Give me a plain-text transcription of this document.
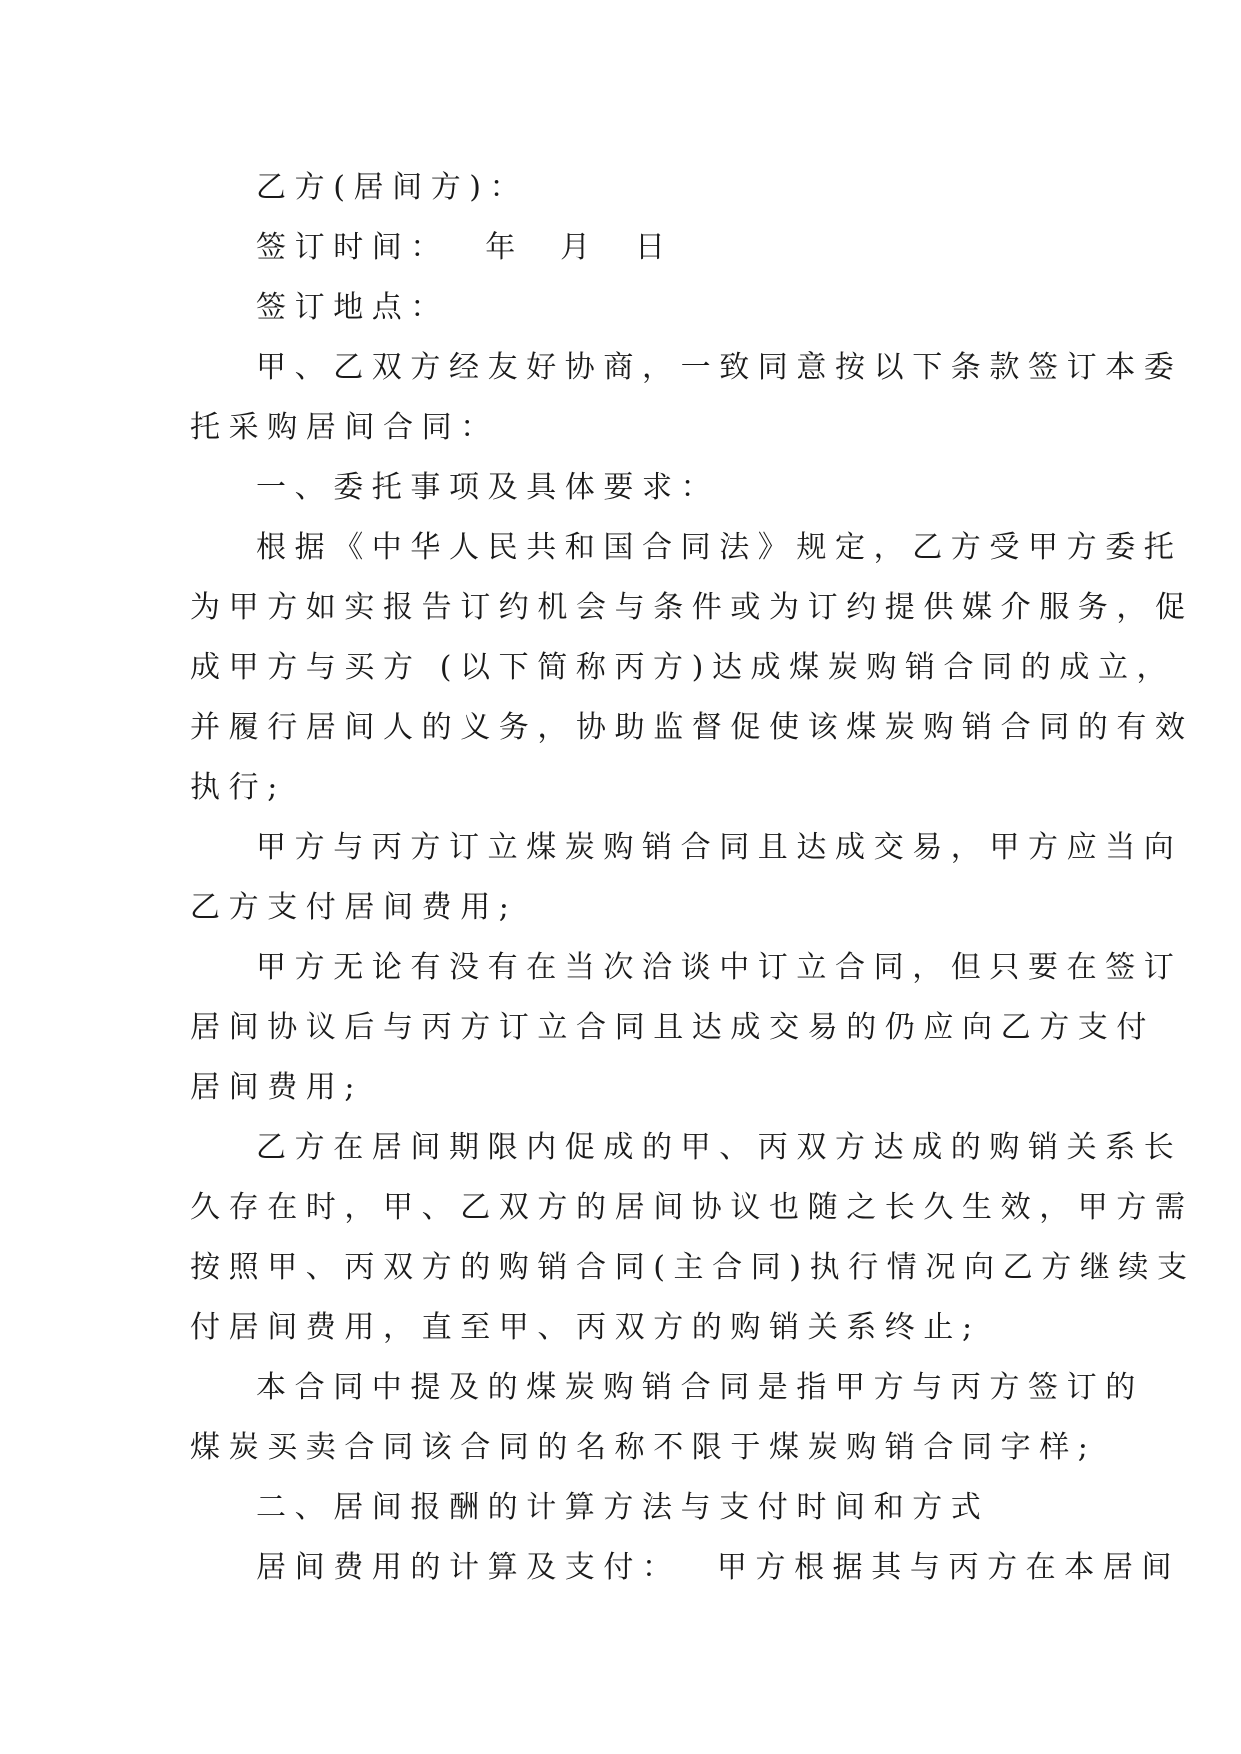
乙方(居间方)：
签订时间：  年  月  日
签订地点：
甲、乙双方经友好协商，一致同意按以下条款签订本委
托采购居间合同：
一、委托事项及具体要求：
根据《中华人民共和国合同法》规定，乙方受甲方委托
为甲方如实报告订约机会与条件或为订约提供媒介服务，促
成甲方与买方 (以下简称丙方)达成煤炭购销合同的成立，
并履行居间人的义务，协助监督促使该煤炭购销合同的有效
执行;
甲方与丙方订立煤炭购销合同且达成交易，甲方应当向
乙方支付居间费用;
甲方无论有没有在当次洽谈中订立合同，但只要在签订
居间协议后与丙方订立合同且达成交易的仍应向乙方支付
居间费用;
乙方在居间期限内促成的甲、丙双方达成的购销关系长
久存在时，甲、乙双方的居间协议也随之长久生效，甲方需
按照甲、丙双方的购销合同(主合同)执行情况向乙方继续支
付居间费用，直至甲、丙双方的购销关系终止;
本合同中提及的煤炭购销合同是指甲方与丙方签订的
煤炭买卖合同该合同的名称不限于煤炭购销合同字样;
二、居间报酬的计算方法与支付时间和方式
居间费用的计算及支付：  甲方根据其与丙方在本居间
